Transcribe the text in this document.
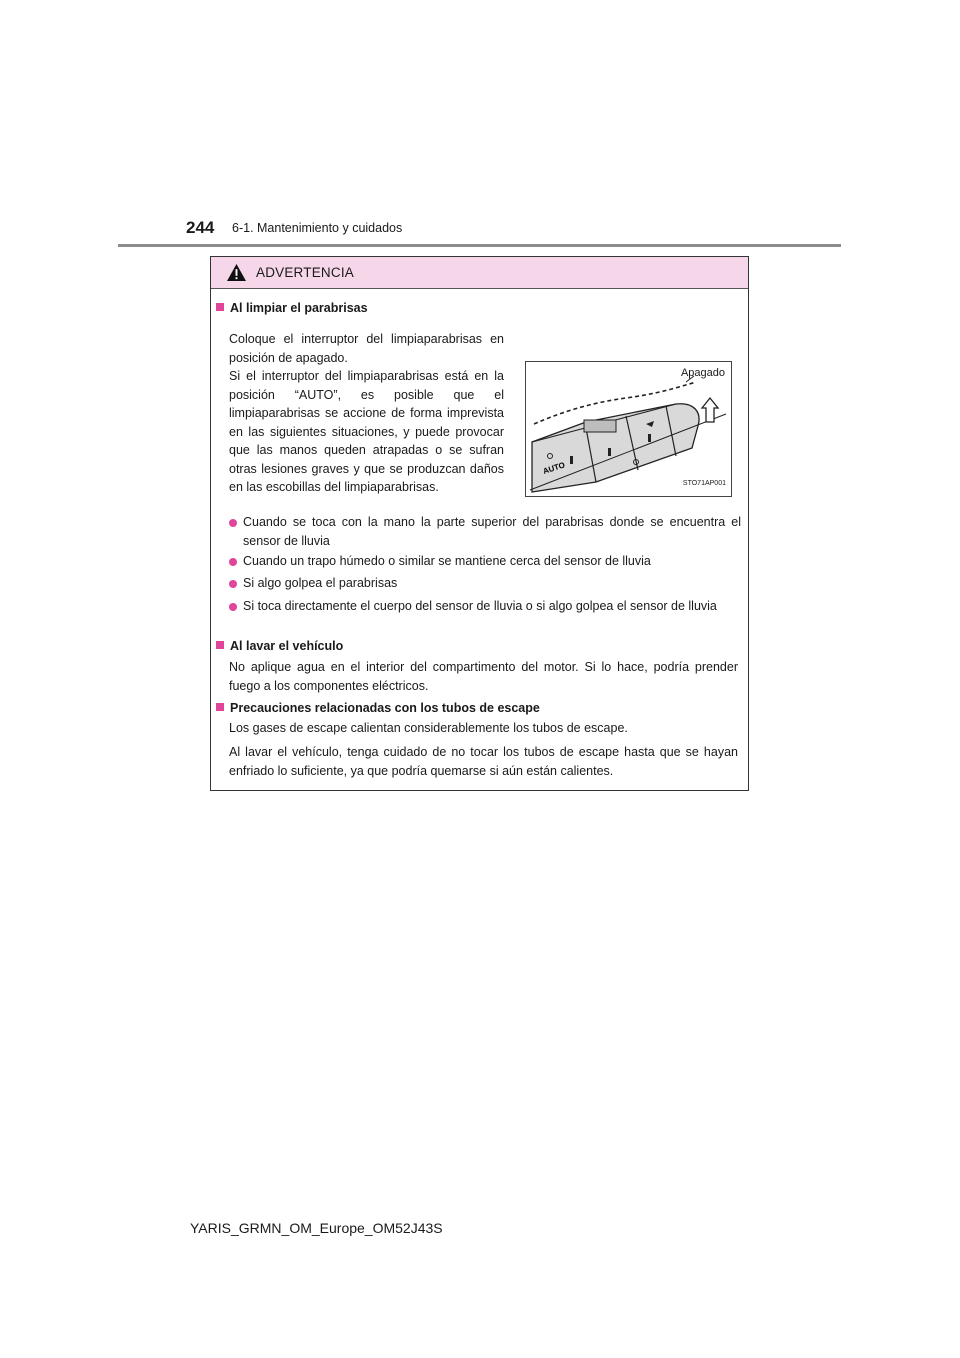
244 6-1. Mantenimiento y cuidados
ADVERTENCIA
Al limpiar el parabrisas
Coloque el interruptor del limpiaparabrisas en posición de apagado.
Si el interruptor del limpiaparabrisas está en la posición “AUTO”, es posible que el limpiaparabrisas se accione de forma imprevista en las siguientes situaciones, y puede provocar que las manos queden atrapadas o se sufran otras lesiones graves y que se produzcan daños en las escobillas del limpiaparabrisas.
AUTO
Apagado
STO71AP001
Cuando se toca con la mano la parte superior del parabrisas donde se encuentra el sensor de lluvia
Cuando un trapo húmedo o similar se mantiene cerca del sensor de lluvia
Si algo golpea el parabrisas
Si toca directamente el cuerpo del sensor de lluvia o si algo golpea el sensor de lluvia
Al lavar el vehículo
No aplique agua en el interior del compartimento del motor. Si lo hace, podría prender fuego a los componentes eléctricos.
Precauciones relacionadas con los tubos de escape
Los gases de escape calientan considerablemente los tubos de escape.
Al lavar el vehículo, tenga cuidado de no tocar los tubos de escape hasta que se hayan enfriado lo suficiente, ya que podría quemarse si aún están calientes.
YARIS_GRMN_OM_Europe_OM52J43S
